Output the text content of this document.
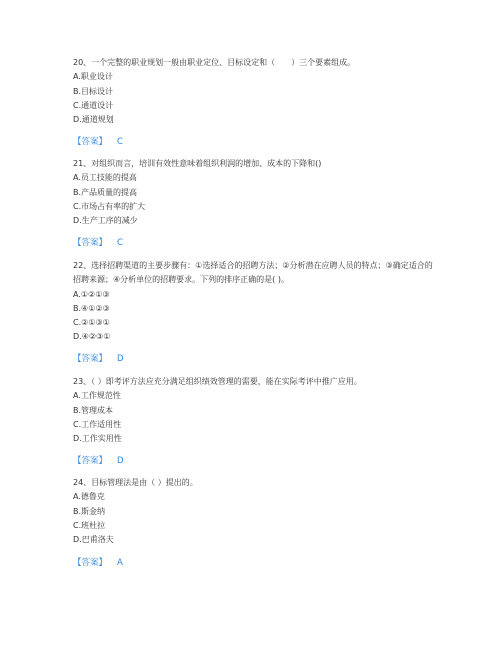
20、一个完整的职业规划一般由职业定位、目标设定和（　　）三个要素组成。

A.职业设计

B.目标设计

C.通道设计

D.通道规划

【答案】 C

21、对组织而言，培训有效性意味着组织利润的增加、成本的下降和()

A.员工技能的提高

B.产品质量的提高

C.市场占有率的扩大

D.生产工序的减少

【答案】 C

22、选择招聘渠道的主要步骤有：①选择适合的招聘方法；②分析潜在应聘人员的特点；③确定适合的招聘来源；④分析单位的招聘要求。下列的排序正确的是( )。

A.①②①③

B.④①②③

C.②①③①

D.④②③①

【答案】 D

23、（ ）即考评方法应充分满足组织绩效管理的需要，能在实际考评中推广应用。

A.工作规范性

B.管理成本

C.工作适用性

D.工作实用性

【答案】 D

24、目标管理法是由（ ）提出的。

A.德鲁克

B.斯金纳

C.班杜拉

D.巴甫洛夫

【答案】 A
